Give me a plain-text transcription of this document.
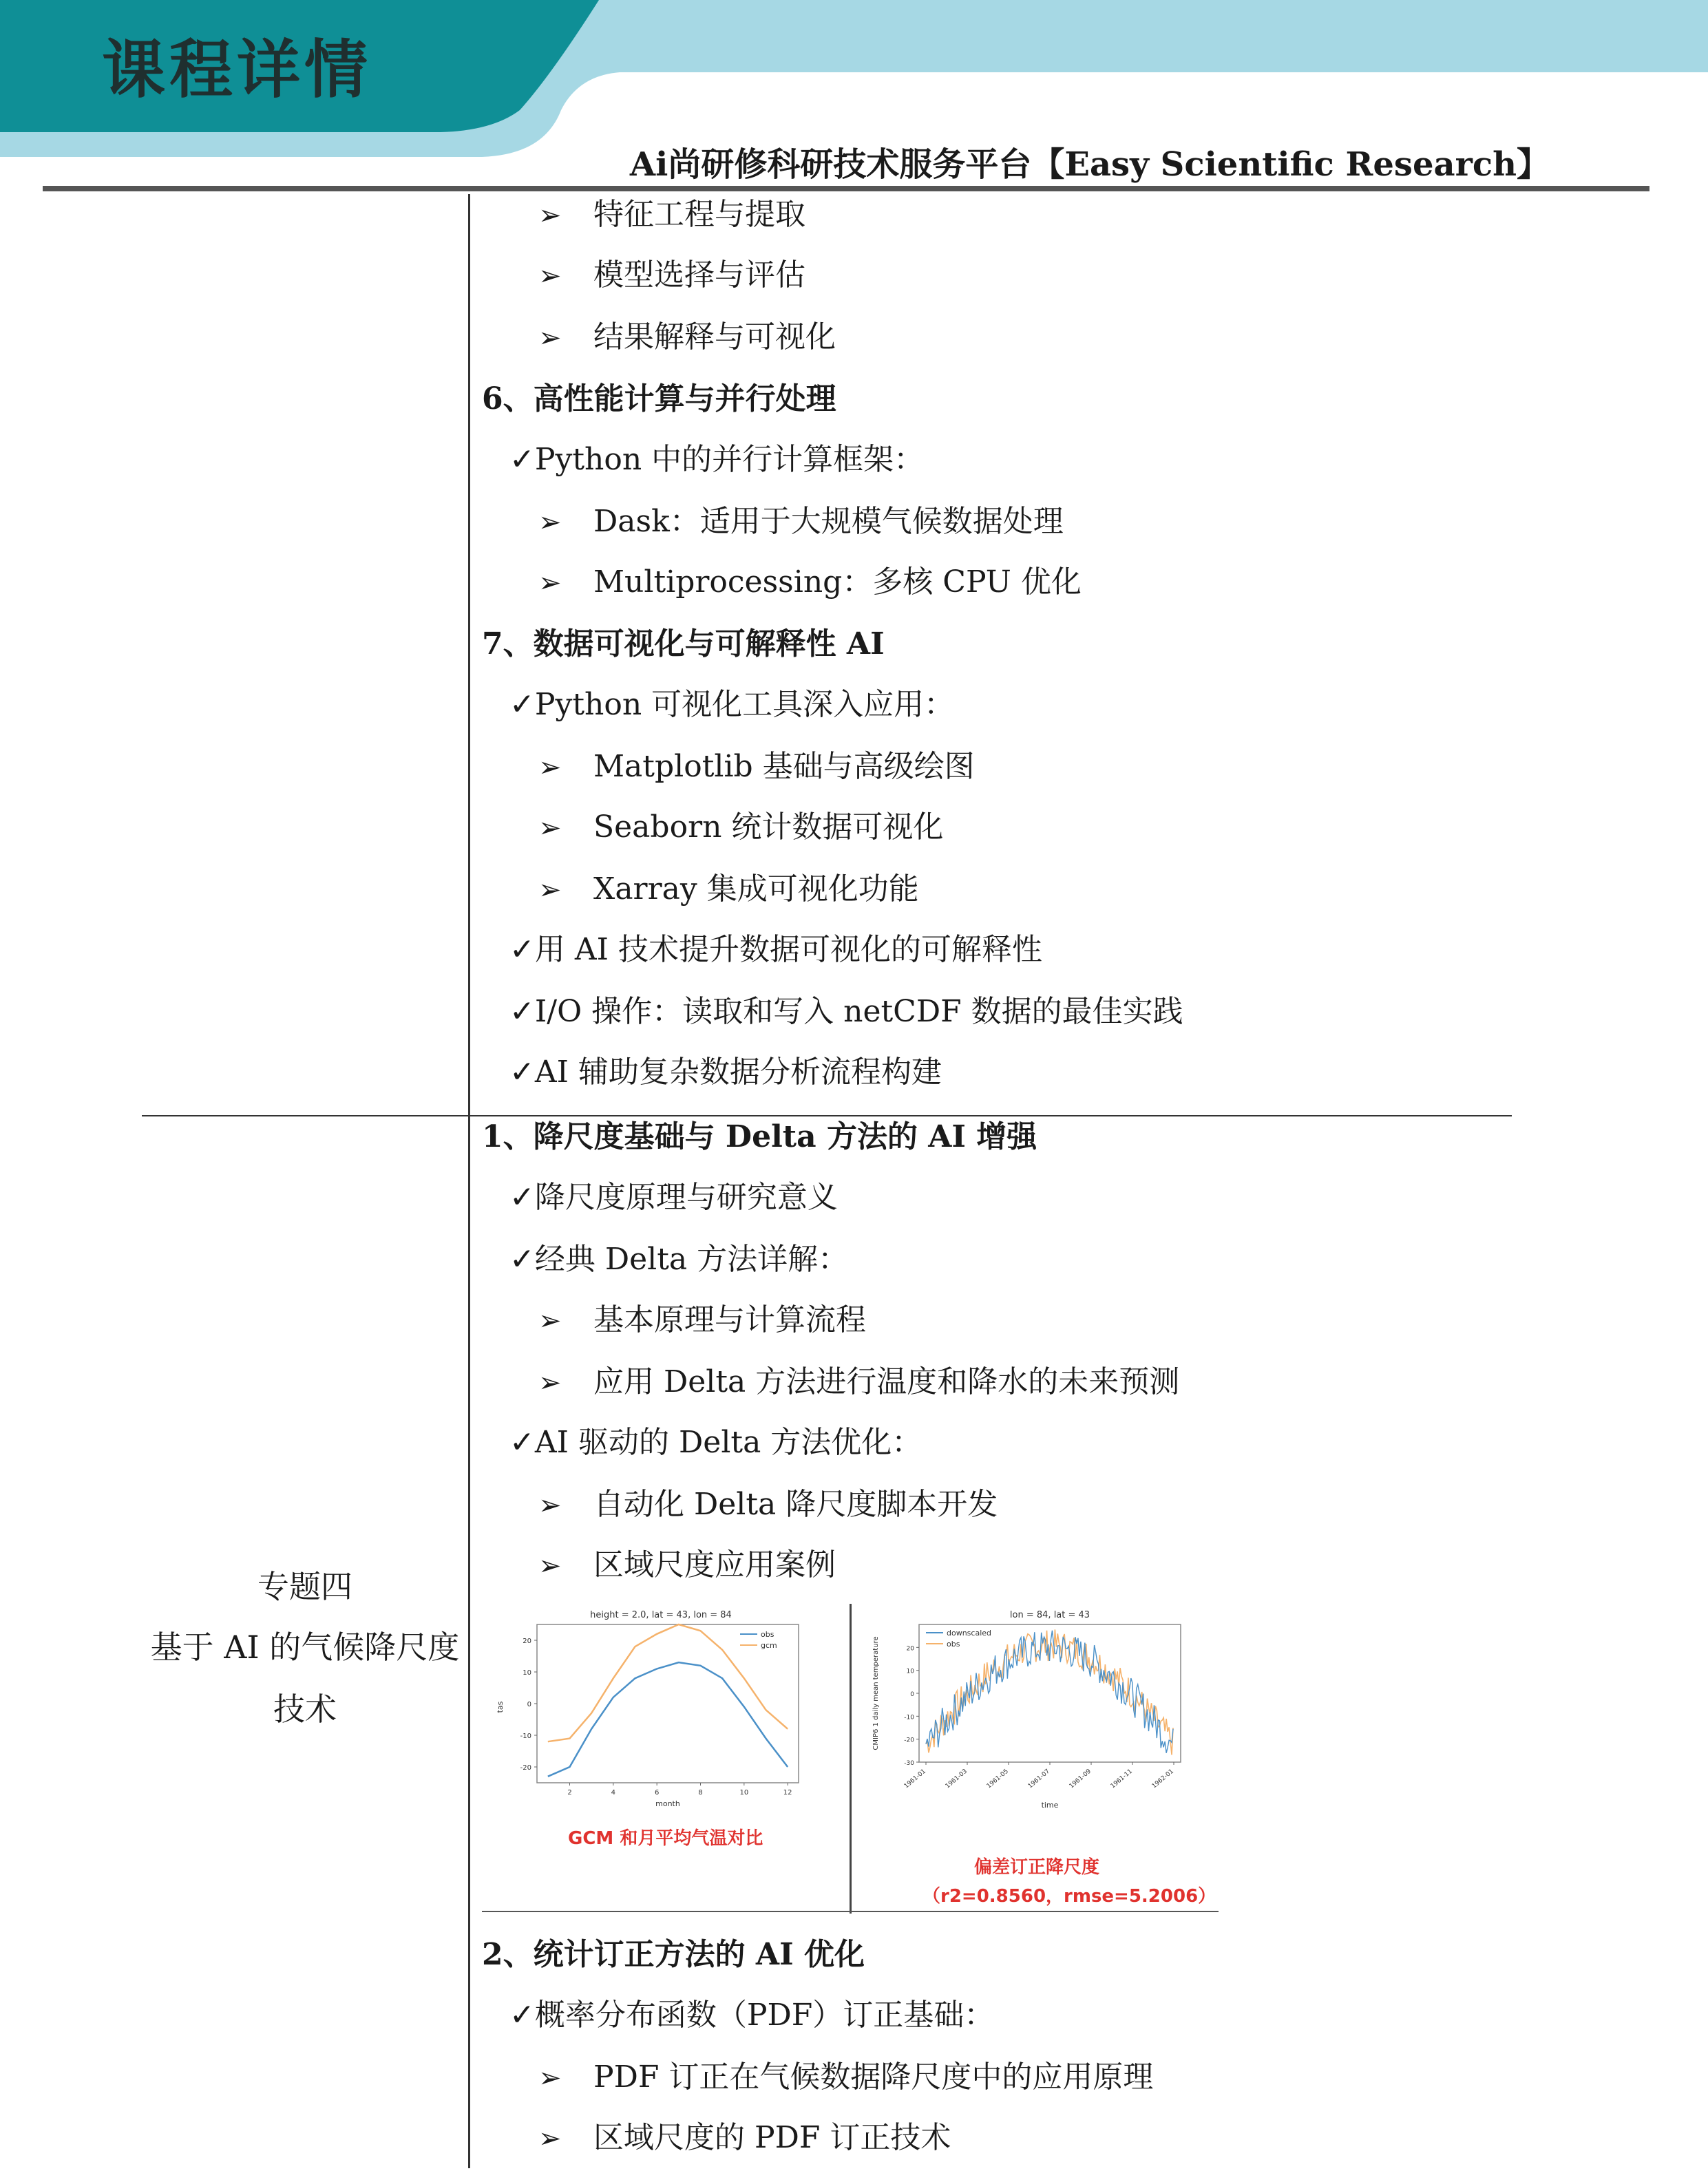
课程详情
Ai尚研修科研技术服务平台【Easy Scientific Research】
➢ 特征工程与提取
➢ 模型选择与评估
➢ 结果解释与可视化
6、高性能计算与并行处理
✓Python 中的并行计算框架：
➢ Dask：适用于大规模气候数据处理
➢ Multiprocessing：多核 CPU 优化
7、数据可视化与可解释性 AI
✓Python 可视化工具深入应用：
➢ Matplotlib 基础与高级绘图
➢ Seaborn 统计数据可视化
➢ Xarray 集成可视化功能
✓用 AI 技术提升数据可视化的可解释性
✓I/O 操作：读取和写入 netCDF 数据的最佳实践
✓AI 辅助复杂数据分析流程构建
专题四
基于 AI 的气候降尺度
技术
1、降尺度基础与 Delta 方法的 AI 增强
✓降尺度原理与研究意义
✓经典 Delta 方法详解：
➢ 基本原理与计算流程
➢ 应用 Delta 方法进行温度和降水的未来预测
✓AI 驱动的 Delta 方法优化：
➢ 自动化 Delta 降尺度脚本开发
➢ 区域尺度应用案例
height = 2.0, lat = 43, lon = 84
-20
-10
0
10
20
2	4	6	8	10	12
month
tas
obs
gcm
GCM 和月平均气温对比
lon = 84, lat = 43
-30
-20
-10
0
10
20
1961-01	1961-03	1961-05	1961-07	1961-09	1961-11	1962-01
time
CMIP6 1 daily mean temperature
downscaled
obs
偏差订正降尺度
（r2=0.8560，rmse=5.2006）
2、统计订正方法的 AI 优化
✓概率分布函数（PDF）订正基础：
➢ PDF 订正在气候数据降尺度中的应用原理
➢ 区域尺度的 PDF 订正技术
